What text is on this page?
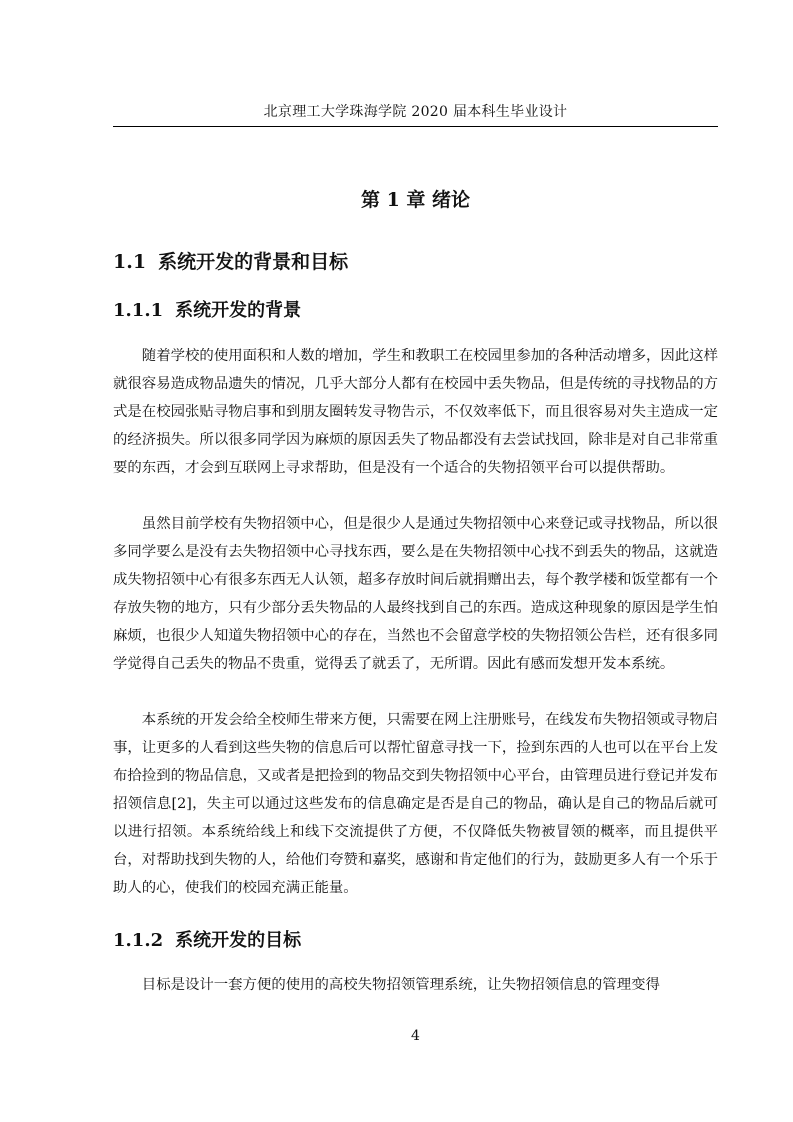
北京理工大学珠海学院 2020 届本科生毕业设计
第 1 章 绪论
1.1 系统开发的背景和目标
1.1.1 系统开发的背景

随着学校的使用面积和人数的增加，学生和教职工在校园里参加的各种活动增多，因此这样就很容易造成物品遗失的情况，几乎大部分人都有在校园中丢失物品，但是传统的寻找物品的方式是在校园张贴寻物启事和到朋友圈转发寻物告示，不仅效率低下，而且很容易对失主造成一定的经济损失。所以很多同学因为麻烦的原因丢失了物品都没有去尝试找回，除非是对自己非常重要的东西，才会到互联网上寻求帮助，但是没有一个适合的失物招领平台可以提供帮助。

虽然目前学校有失物招领中心，但是很少人是通过失物招领中心来登记或寻找物品，所以很多同学要么是没有去失物招领中心寻找东西，要么是在失物招领中心找不到丢失的物品，这就造成失物招领中心有很多东西无人认领，超多存放时间后就捐赠出去，每个教学楼和饭堂都有一个存放失物的地方，只有少部分丢失物品的人最终找到自己的东西。造成这种现象的原因是学生怕麻烦，也很少人知道失物招领中心的存在，当然也不会留意学校的失物招领公告栏，还有很多同学觉得自己丢失的物品不贵重，觉得丢了就丢了，无所谓。因此有感而发想开发本系统。

本系统的开发会给全校师生带来方便，只需要在网上注册账号，在线发布失物招领或寻物启事，让更多的人看到这些失物的信息后可以帮忙留意寻找一下，捡到东西的人也可以在平台上发布拾捡到的物品信息，又或者是把捡到的物品交到失物招领中心平台，由管理员进行登记并发布招领信息[2]，失主可以通过这些发布的信息确定是否是自己的物品，确认是自己的物品后就可以进行招领。本系统给线上和线下交流提供了方便，不仅降低失物被冒领的概率，而且提供平台，对帮助找到失物的人，给他们夸赞和嘉奖，感谢和肯定他们的行为，鼓励更多人有一个乐于助人的心，使我们的校园充满正能量。

1.1.2 系统开发的目标

目标是设计一套方便的使用的高校失物招领管理系统，让失物招领信息的管理变得

4
